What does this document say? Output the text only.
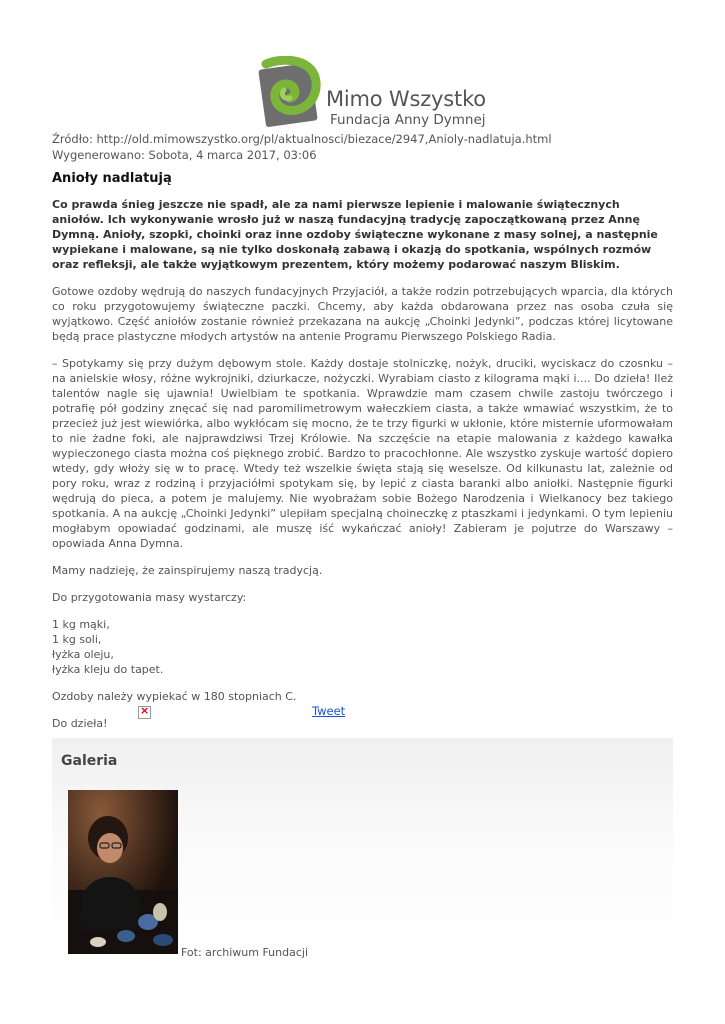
Mimo Wszystko
Fundacja Anny Dymnej
Źródło: http://old.mimowszystko.org/pl/aktualnosci/biezace/2947,Anioly-nadlatuja.html
Wygenerowano: Sobota, 4 marca 2017, 03:06
Anioły nadlatują

Co prawda śnieg jeszcze nie spadł, ale za nami pierwsze lepienie i malowanie świątecznych aniołów. Ich wykonywanie wrosło już w naszą fundacyjną tradycję zapoczątkowaną przez Annę Dymną. Anioły, szopki, choinki oraz inne ozdoby świąteczne wykonane z masy solnej, a następnie wypiekane i malowane, są nie tylko doskonałą zabawą i okazją do spotkania, wspólnych rozmów oraz refleksji, ale także wyjątkowym prezentem, który możemy podarować naszym Bliskim.

Gotowe ozdoby wędrują do naszych fundacyjnych Przyjaciół, a także rodzin potrzebujących wparcia, dla których co roku przygotowujemy świąteczne paczki. Chcemy, aby każda obdarowana przez nas osoba czuła się wyjątkowo. Część aniołów zostanie również przekazana na aukcję „Choinki Jedynki”, podczas której licytowane będą prace plastyczne młodych artystów na antenie Programu Pierwszego Polskiego Radia.

– Spotykamy się przy dużym dębowym stole. Każdy dostaje stolniczkę, nożyk, druciki, wyciskacz do czosnku – na anielskie włosy, różne wykrojniki, dziurkacze, nożyczki. Wyrabiam ciasto z kilograma mąki i.... Do dzieła! Ileż talentów nagle się ujawnia! Uwielbiam te spotkania. Wprawdzie mam czasem chwile zastoju twórczego i potrafię pół godziny znęcać się nad paromilimetrowym wałeczkiem ciasta, a także wmawiać wszystkim, że to przecież już jest wiewiórka, albo wykłócam się mocno, że te trzy figurki w ukłonie, które misternie uformowałam to nie żadne foki, ale najprawdziwsi Trzej Królowie. Na szczęście na etapie malowania z każdego kawałka wypieczonego ciasta można coś pięknego zrobić. Bardzo to pracochłonne. Ale wszystko zyskuje wartość dopiero wtedy, gdy włoży się w to pracę. Wtedy też wszelkie święta stają się weselsze. Od kilkunastu lat, zależnie od pory roku, wraz z rodziną i przyjaciółmi spotykam się, by lepić z ciasta baranki albo aniołki. Następnie figurki wędrują do pieca, a potem je malujemy. Nie wyobrażam sobie Bożego Narodzenia i Wielkanocy bez takiego spotkania. A na aukcję „Choinki Jedynki” ulepiłam specjalną choineczkę z ptaszkami i jedynkami. O tym lepieniu mogłabym opowiadać godzinami, ale muszę iść wykańczać anioły! Zabieram je pojutrze do Warszawy – opowiada Anna Dymna.

Mamy nadzieję, że zainspirujemy naszą tradycją.

Do przygotowania masy wystarczy:

1 kg mąki,
1 kg soli,
łyżka oleju,
łyżka kleju do tapet.

Ozdoby należy wypiekać w 180 stopniach C.

Do dzieła!

×	Tweet
Galeria
Fot: archiwum Fundacji
